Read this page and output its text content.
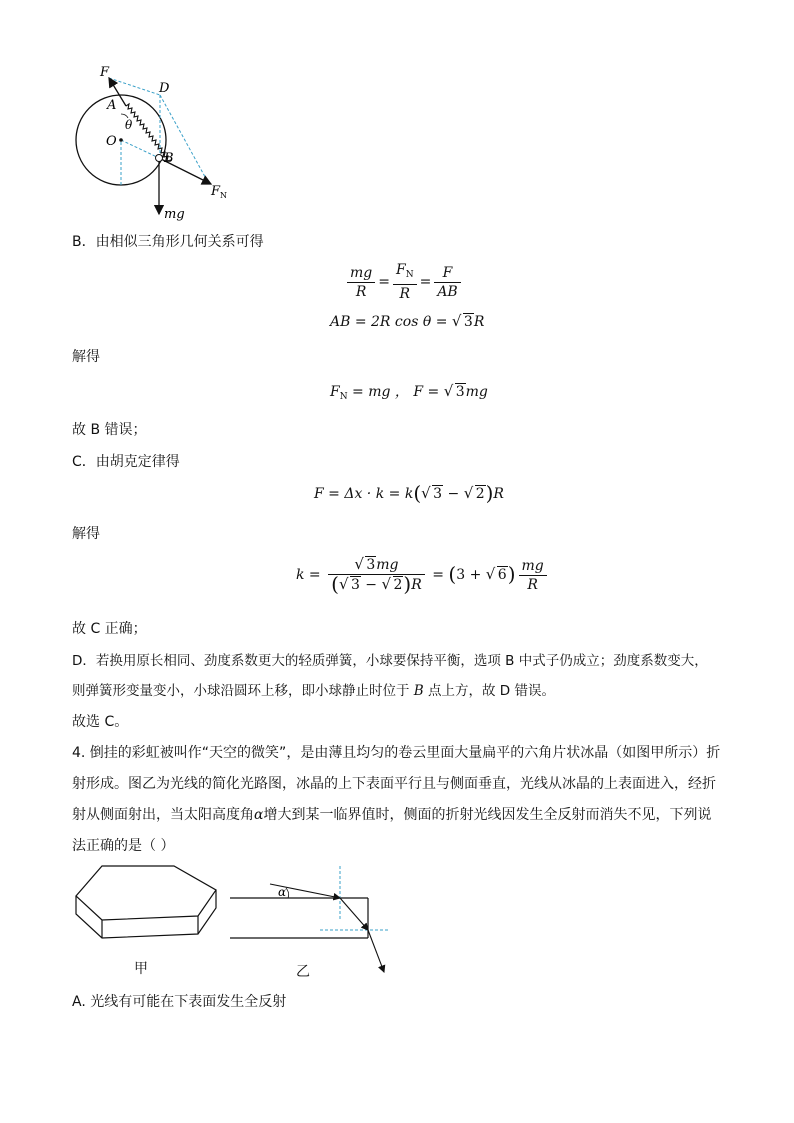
F
D
A
O
θ
B
$F_N$
mg
B．由相似三角形几何关系可得
$\frac{mg}{R} = \frac{F_N}{R} = \frac{F}{AB}$
AB = 2R cos θ = √ 3R
解得
$F_N$ = mg ， F = √ 3mg
故 B 错误；
C．由胡克定律得
F = Δx · k = k( √ 3 − √ 2)R
解得
k = √ $\frac{3mg}{( √ 3 - √ 2)R} = (3$ + √ $6) \frac{mg}{R}$
故 C 正确；
D．若换用原长相同、劲度系数更大的轻质弹簧，小球要保持平衡，选项 B 中式子仍成立；劲度系数变大，
则弹簧形变量变小，小球沿圆环上移，即小球静止时位于 B 点上方，故 D 错误。
故选 C。
4. 倒挂的彩虹被叫作“天空的微笑”，是由薄且均匀的卷云里面大量扁平的六角片状冰晶（如图甲所示）折
射形成。图乙为光线的简化光路图，冰晶的上下表面平行且与侧面垂直，光线从冰晶的上表面进入，经折
射从侧面射出，当太阳高度角α增大到某一临界值时，侧面的折射光线因发生全反射而消失不见，下列说
法正确的是（ ）
甲
α
乙
A. 光线有可能在下表面发生全反射
